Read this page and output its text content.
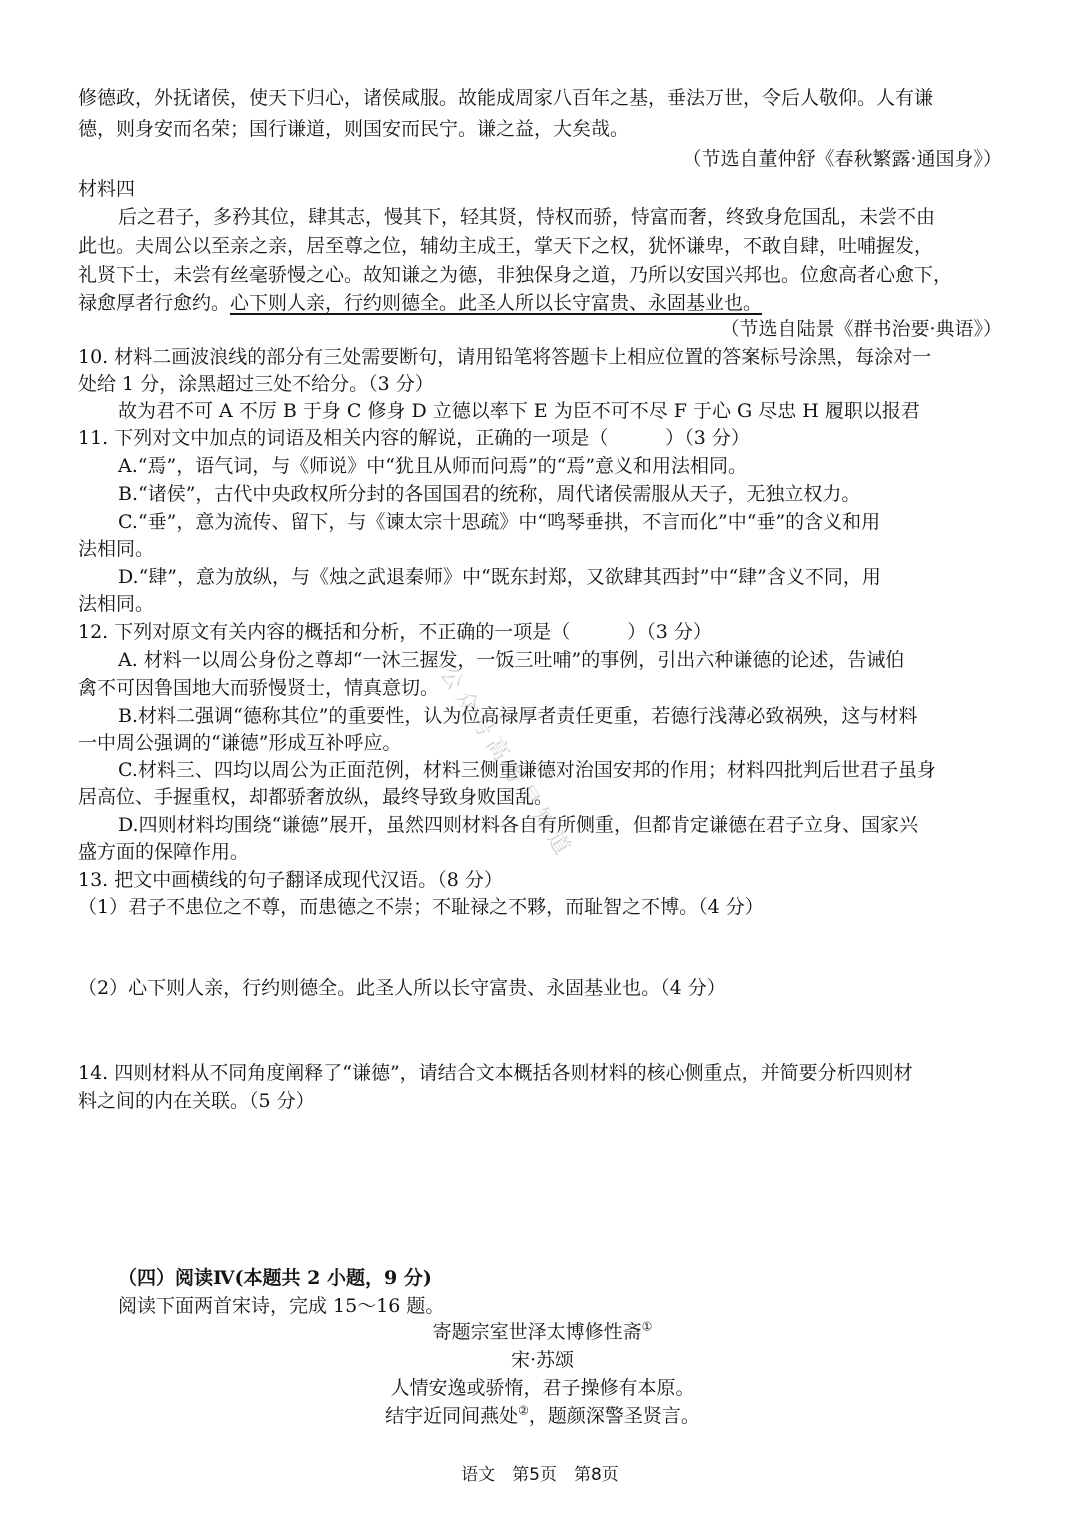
修德政，外抚诸侯，使天下归心，诸侯咸服。故能成周家八百年之基，垂法万世，令后人敬仰。人有谦
德，则身安而名荣；国行谦道，则国安而民宁。谦之益，大矣哉。
（节选自董仲舒《春秋繁露·通国身》）
材料四
后之君子，多矜其位，肆其志，慢其下，轻其贤，恃权而骄，恃富而奢，终致身危国乱，未尝不由
此也。夫周公以至亲之亲，居至尊之位，辅幼主成王，掌天下之权，犹怀谦卑，不敢自肆，吐哺握发，
礼贤下士，未尝有丝毫骄慢之心。故知谦之为德，非独保身之道，乃所以安国兴邦也。位愈高者心愈下，
禄愈厚者行愈约。心下则人亲，行约则德全。此圣人所以长守富贵、永固基业也。
（节选自陆景《群书治要·典语》）
10. 材料二画波浪线的部分有三处需要断句，请用铅笔将答题卡上相应位置的答案标号涂黑，每涂对一
处给 1 分，涂黑超过三处不给分。（3 分）
故为君不可 A 不厉 B 于身 C 修身 D 立德以率下 E 为臣不可不尽 F 于心 G 尽忠 H 履职以报君
11. 下列对文中加点的词语及相关内容的解说，正确的一项是（　　　）（3 分）
A.“焉”，语气词，与《师说》中“犹且从师而问焉”的“焉”意义和用法相同。
B.“诸侯”，古代中央政权所分封的各国国君的统称，周代诸侯需服从天子，无独立权力。
C.“垂”，意为流传、留下，与《谏太宗十思疏》中“鸣琴垂拱，不言而化”中“垂”的含义和用
法相同。
D.“肆”，意为放纵，与《烛之武退秦师》中“既东封郑，又欲肆其西封”中“肆”含义不同，用
法相同。
12. 下列对原文有关内容的概括和分析，不正确的一项是（　　　）（3 分）
A. 材料一以周公身份之尊却“一沐三握发，一饭三吐哺”的事例，引出六种谦德的论述，告诫伯
禽不可因鲁国地大而骄慢贤士，情真意切。
B.材料二强调“德称其位”的重要性，认为位高禄厚者责任更重，若德行浅薄必致祸殃，这与材料
一中周公强调的“谦德”形成互补呼应。
C.材料三、四均以周公为正面范例，材料三侧重谦德对治国安邦的作用；材料四批判后世君子虽身
居高位、手握重权，却都骄奢放纵，最终导致身败国乱。
D.四则材料均围绕“谦德”展开，虽然四则材料各自有所侧重，但都肯定谦德在君子立身、国家兴
盛方面的保障作用。
13. 把文中画横线的句子翻译成现代汉语。（8 分）
（1）君子不患位之不尊，而患德之不崇；不耻禄之不夥，而耻智之不博。（4 分）
（2）心下则人亲，行约则德全。此圣人所以长守富贵、永固基业也。（4 分）
14. 四则材料从不同角度阐释了“谦德”，请结合文本概括各则材料的核心侧重点，并简要分析四则材
料之间的内在关联。（5 分）
（四）阅读Ⅳ(本题共 2 小题，9 分)
阅读下面两首宋诗，完成 15～16 题。
寄题宗室世泽太博修性斋①
宋·苏颂
人情安逸或骄惰，君子操修有本原。
结宇近同间燕处②，题颜深警圣贤言。
语文　第5页　第8页
公众号高考早知道
